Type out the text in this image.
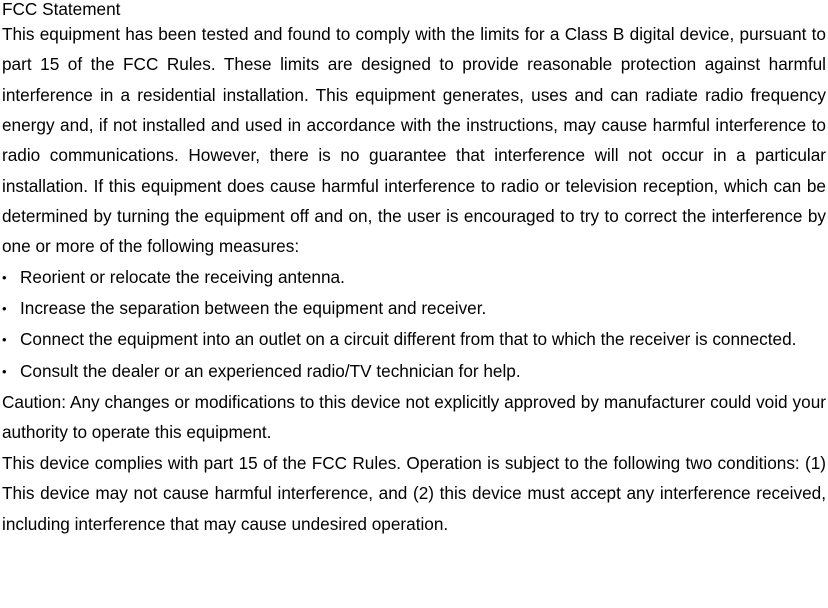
FCC Statement

This equipment has been tested and found to comply with the limits for a Class B digital device, pursuant to part 15 of the FCC Rules. These limits are designed to provide reasonable protection against harmful interference in a residential installation. This equipment generates, uses and can radiate radio frequency energy and, if not installed and used in accordance with the instructions, may cause harmful interference to radio communications. However, there is no guarantee that interference will not occur in a particular installation. If this equipment does cause harmful interference to radio or television reception, which can be determined by turning the equipment off and on, the user is encouraged to try to correct the interference by one or more of the following measures:

• Reorient or relocate the receiving antenna.
• Increase the separation between the equipment and receiver.
• Connect the equipment into an outlet on a circuit different from that to which the receiver is connected.
• Consult the dealer or an experienced radio/TV technician for help.

Caution: Any changes or modifications to this device not explicitly approved by manufacturer could void your authority to operate this equipment.

This device complies with part 15 of the FCC Rules. Operation is subject to the following two conditions: (1) This device may not cause harmful interference, and (2) this device must accept any interference received, including interference that may cause undesired operation.
